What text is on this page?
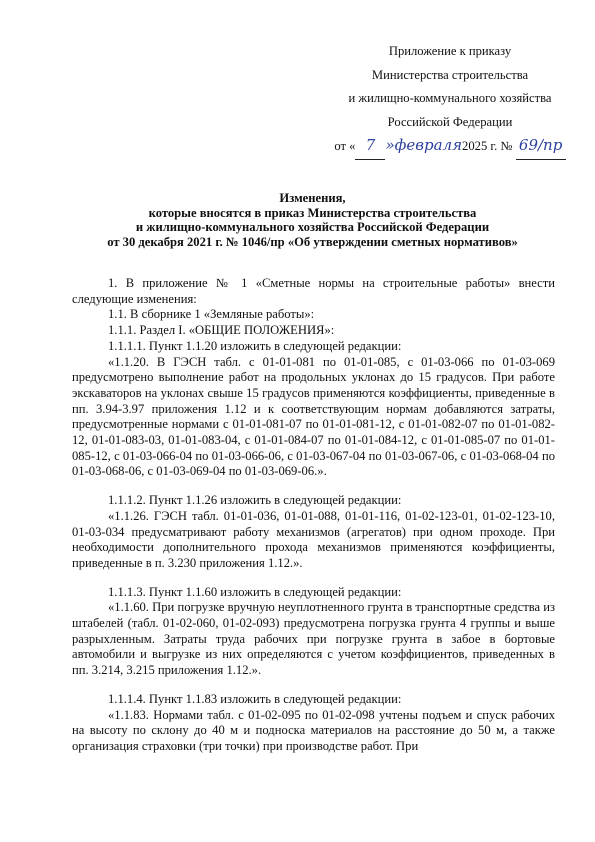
Приложение к приказу
Министерства строительства
и жилищно-коммунального хозяйства
Российской Федерации
от « 7 »февраля2025 г. № 69/пр
Изменения,
которые вносятся в приказ Министерства строительства
и жилищно-коммунального хозяйства Российской Федерации
от 30 декабря 2021 г. № 1046/пр «Об утверждении сметных нормативов»

1. В приложение № 1 «Сметные нормы на строительные работы» внести следующие изменения:

1.1. В сборнике 1 «Земляные работы»:

1.1.1. Раздел I. «ОБЩИЕ ПОЛОЖЕНИЯ»:

1.1.1.1. Пункт 1.1.20 изложить в следующей редакции:

«1.1.20. В ГЭСН табл. с 01-01-081 по 01-01-085, с 01-03-066 по 01-03-069 предусмотрено выполнение работ на продольных уклонах до 15 градусов. При работе экскаваторов на уклонах свыше 15 градусов применяются коэффициенты, приведенные в пп. 3.94-3.97 приложения 1.12 и к соответствующим нормам добавляются затраты, предусмотренные нормами с 01-01-081-07 по 01-01-081-12, с 01-01-082-07 по 01-01-082-12, 01-01-083-03, 01-01-083-04, с 01-01-084-07 по 01-01-084-12, с 01-01-085-07 по 01-01-085-12, с 01-03-066-04 по 01-03-066-06, с 01-03-067-04 по 01-03-067-06, с 01-03-068-04 по 01-03-068-06, с 01-03-069-04 по 01-03-069-06.».

1.1.1.2. Пункт 1.1.26 изложить в следующей редакции:

«1.1.26. ГЭСН табл. 01-01-036, 01-01-088, 01-01-116, 01-02-123-01, 01-02-123-10, 01-03-034 предусматривают работу механизмов (агрегатов) при одном проходе. При необходимости дополнительного прохода механизмов применяются коэффициенты, приведенные в п. 3.230 приложения 1.12.».

1.1.1.3. Пункт 1.1.60 изложить в следующей редакции:

«1.1.60. При погрузке вручную неуплотненного грунта в транспортные средства из штабелей (табл. 01-02-060, 01-02-093) предусмотрена погрузка грунта 4 группы и выше разрыхленным. Затраты труда рабочих при погрузке грунта в забое в бортовые автомобили и выгрузке из них определяются с учетом коэффициентов, приведенных в пп. 3.214, 3.215 приложения 1.12.».

1.1.1.4. Пункт 1.1.83 изложить в следующей редакции:

«1.1.83. Нормами табл. с 01-02-095 по 01-02-098 учтены подъем и спуск рабочих на высоту по склону до 40 м и подноска материалов на расстояние до 50 м, а также организация страховки (три точки) при производстве работ. При
